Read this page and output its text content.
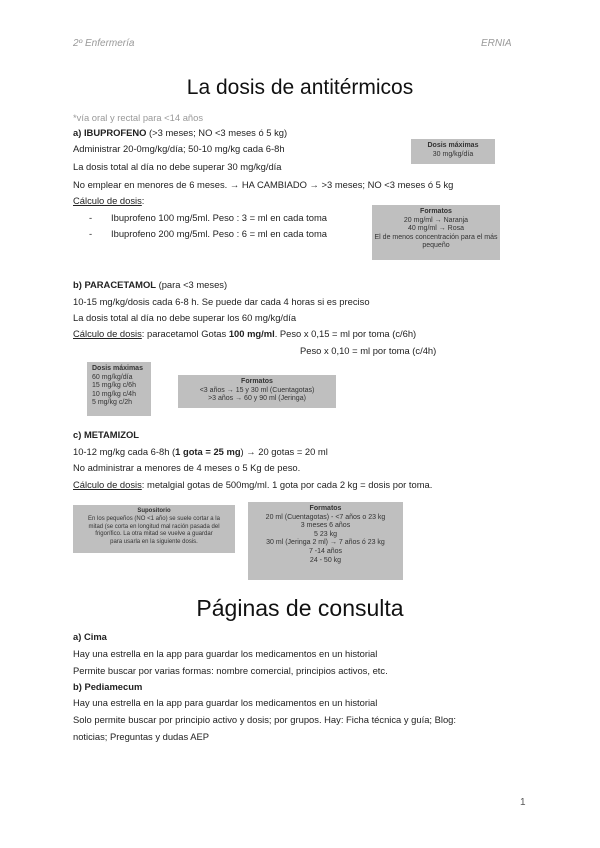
2º Enfermería	ERNIA
La dosis de antitérmicos
*vía oral y rectal para <14 años
a) IBUPROFENO (>3 meses; NO <3 meses ó 5 kg)
Administrar 20-0mg/kg/día; 50-10 mg/kg cada 6-8h
La dosis total al día no debe superar 30 mg/kg/día
No emplear en menores de 6 meses. → HA CAMBIADO → >3 meses; NO <3 meses ó 5 kg
Cálculo de dosis:
- Ibuprofeno 100 mg/5ml. Peso : 3 = ml en cada toma
- Ibuprofeno 200 mg/5ml. Peso : 6 = ml en cada toma
Dosis máximas
30 mg/kg/día
Formatos
20 mg/ml → Naranja
40 mg/ml → Rosa
El de menos concentración para el más
pequeño
b) PARACETAMOL (para <3 meses)
10-15 mg/kg/dosis cada 6-8 h. Se puede dar cada 4 horas si es preciso
La dosis total al día no debe superar los 60 mg/kg/día
Cálculo de dosis: paracetamol Gotas 100 mg/ml. Peso x 0,15 = ml por toma (c/6h)
Peso x 0,10 = ml por toma (c/4h)
Dosis máximas
60 mg/kg/día
15 mg/kg c/6h
10 mg/kg c/4h
5 mg/kg c/2h
Formatos
<3 años → 15 y 30 ml (Cuentagotas)
>3 años → 60 y 90 ml (Jeringa)
c) METAMIZOL
10-12 mg/kg cada 6-8h (1 gota = 25 mg) → 20 gotas = 20 ml
No administrar a menores de 4 meses o 5 Kg de peso.
Cálculo de dosis: metalgial gotas de 500mg/ml. 1 gota por cada 2 kg = dosis por toma.
Supositorio
En los pequeños (NO <1 año) se suele cortar a la
mitad (se corta en longitud mal ración pasada del
frigorífico. La otra mitad se vuelve a guardar
para usarla en la siguiente dosis.
Formatos
20 ml (Cuentagotas) - <7 años o 23 kg
3 meses 6 años
5 23 kg
30 ml (Jeringa 2 ml) → 7 años ó 23 kg
7 -14 años
24 - 50 kg
Páginas de consulta
a) Cima
Hay una estrella en la app para guardar los medicamentos en un historial
Permite buscar por varias formas: nombre comercial, principios activos, etc.
b) Pediamecum
Hay una estrella en la app para guardar los medicamentos en un historial
Solo permite buscar por principio activo y dosis; por grupos. Hay: Ficha técnica y guía; Blog:
noticias; Preguntas y dudas AEP
1
